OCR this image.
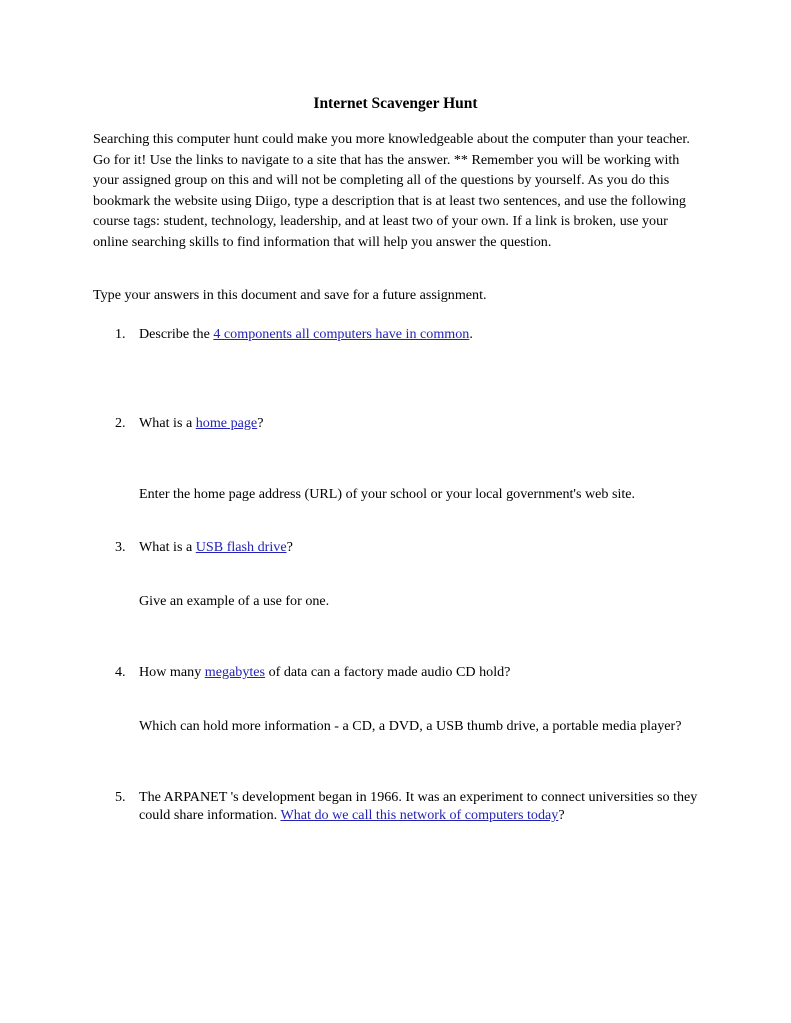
Internet Scavenger Hunt
Searching this computer hunt could make you more knowledgeable about the computer than your teacher. Go for it! Use the links to navigate to a site that has the answer. ** Remember you will be working with your assigned group on this and will not be completing all of the questions by yourself. As you do this bookmark the website using Diigo, type a description that is at least two sentences, and use the following course tags: student, technology, leadership, and at least two of your own. If a link is broken, use your online searching skills to find information that will help you answer the question.
Type your answers in this document and save for a future assignment.
1. Describe the 4 components all computers have in common.
2. What is a home page?
Enter the home page address (URL) of your school or your local government's web site.
3. What is a USB flash drive?
Give an example of a use for one.
4. How many megabytes of data can a factory made audio CD hold?
Which can hold more information - a CD, a DVD, a USB thumb drive, a portable media player?
5. The ARPANET 's development began in 1966. It was an experiment to connect universities so they could share information. What do we call this network of computers today?
